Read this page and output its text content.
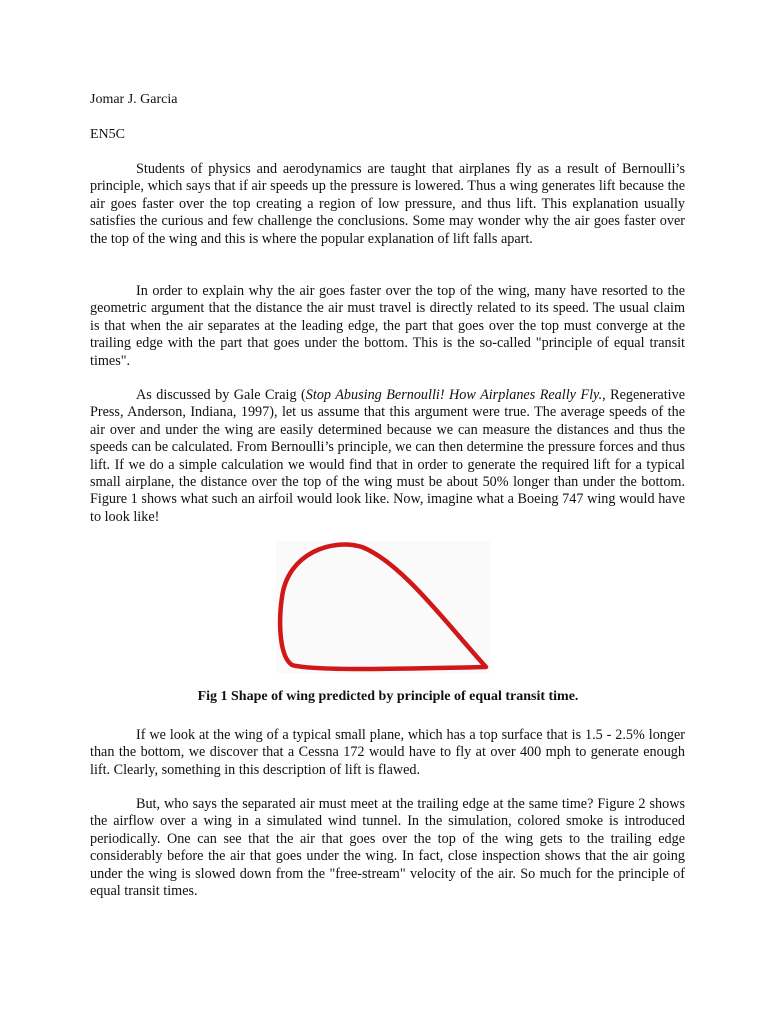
Jomar J. Garcia

EN5C

Students of physics and aerodynamics are taught that airplanes fly as a result of Bernoulli’s principle, which says that if air speeds up the pressure is lowered. Thus a wing generates lift because the air goes faster over the top creating a region of low pressure, and thus lift. This explanation usually satisfies the curious and few challenge the conclusions. Some may wonder why the air goes faster over the top of the wing and this is where the popular explanation of lift falls apart.

In order to explain why the air goes faster over the top of the wing, many have resorted to the geometric argument that the distance the air must travel is directly related to its speed. The usual claim is that when the air separates at the leading edge, the part that goes over the top must converge at the trailing edge with the part that goes under the bottom. This is the so-called "principle of equal transit times".

As discussed by Gale Craig (Stop Abusing Bernoulli! How Airplanes Really Fly., Regenerative Press, Anderson, Indiana, 1997), let us assume that this argument were true. The average speeds of the air over and under the wing are easily determined because we can measure the distances and thus the speeds can be calculated. From Bernoulli’s principle, we can then determine the pressure forces and thus lift. If we do a simple calculation we would find that in order to generate the required lift for a typical small airplane, the distance over the top of the wing must be about 50% longer than under the bottom. Figure 1 shows what such an airfoil would look like. Now, imagine what a Boeing 747 wing would have to look like!

Fig 1 Shape of wing predicted by principle of equal transit time.

If we look at the wing of a typical small plane, which has a top surface that is 1.5 - 2.5% longer than the bottom, we discover that a Cessna 172 would have to fly at over 400 mph to generate enough lift. Clearly, something in this description of lift is flawed.

But, who says the separated air must meet at the trailing edge at the same time? Figure 2 shows the airflow over a wing in a simulated wind tunnel. In the simulation, colored smoke is introduced periodically. One can see that the air that goes over the top of the wing gets to the trailing edge considerably before the air that goes under the wing. In fact, close inspection shows that the air going under the wing is slowed down from the "free-stream" velocity of the air. So much for the principle of equal transit times.
